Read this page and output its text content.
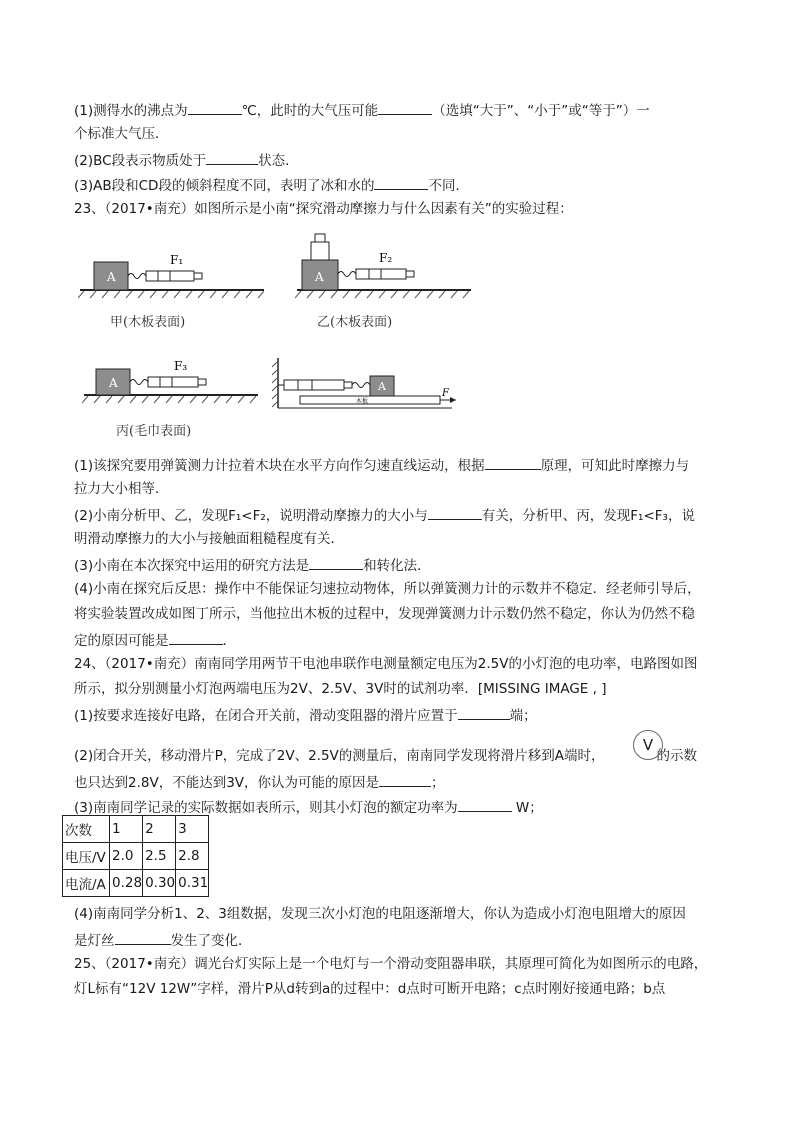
(1)测得水的沸点为	℃，此时的大气压可能	（选填“大于”、“小于”或“等于”）一
个标准大气压．
(2)BC段表示物质处于	状态．
(3)AB段和CD段的倾斜程度不同，表明了冰和水的	不同．
23、（2017•南充）如图所示是小南“探究滑动摩擦力与什么因素有关”的实验过程：
A
F₁
甲(木板表面)
A
F₂
乙(木板表面)
A
F₃
丙(毛巾表面)
A
木板
F
(1)该探究要用弹簧测力计拉着木块在水平方向作匀速直线运动，根据	原理，可知此时摩擦力与
拉力大小相等．
(2)小南分析甲、乙，发现F₁<F₂，说明滑动摩擦力的大小与	有关，分析甲、丙，发现F₁<F₃，说
明滑动摩擦力的大小与接触面粗糙程度有关．
(3)小南在本次探究中运用的研究方法是	和转化法．
(4)小南在探究后反思：操作中不能保证匀速拉动物体，所以弹簧测力计的示数并不稳定．经老师引导后，
将实验装置改成如图丁所示，当他拉出木板的过程中，发现弹簧测力计示数仍然不稳定，你认为仍然不稳
定的原因可能是	．
24、（2017•南充）南南同学用两节干电池串联作电测量额定电压为2.5V的小灯泡的电功率，电路图如图
所示，拟分别测量小灯泡两端电压为2V、2.5V、3V时的试剂功率．[MISSING IMAGE , ]
(1)按要求连接好电路，在闭合开关前，滑动变阻器的滑片应置于	端；
(2)闭合开关，移动滑片P，完成了2V、2.5V的测量后，南南同学发现将滑片移到A端时，	的示数
V
也只达到2.8V，不能达到3V，你认为可能的原因是	；
(3)南南同学记录的实际数据如表所示，则其小灯泡的额定功率为	W；
次数	1	2	3
电压/V	2.0	2.5	2.8
电流/A	0.28	0.30	0.31
(4)南南同学分析1、2、3组数据，发现三次小灯泡的电阻逐渐增大，你认为造成小灯泡电阻增大的原因
是灯丝	发生了变化．
25、（2017•南充）调光台灯实际上是一个电灯与一个滑动变阻器串联，其原理可简化为如图所示的电路，
灯L标有“12V 12W”字样，滑片P从d转到a的过程中：d点时可断开电路；c点时刚好接通电路；b点
